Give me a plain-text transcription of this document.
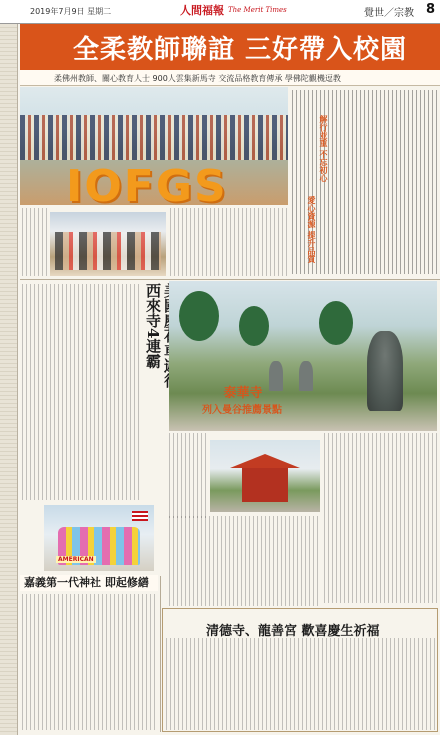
2019年7月9日 星期二	人間福報 The Merit Times	覺世／宗教 8
全柔教師聯誼 三好帶入校園
柔佛州教師、關心教育人士 900人雲集新馬寺 交流品格教育傳承 學佛陀觀機逗教
IOFGS
解行並重 不忘初心
愛心資源 提升品質
西來寺4連霸
泰華寺
列入曼谷推薦景點
AMERICAN
嘉義第一代神社 即起修繕
清德寺、龍善宮 歡喜慶生祈福
